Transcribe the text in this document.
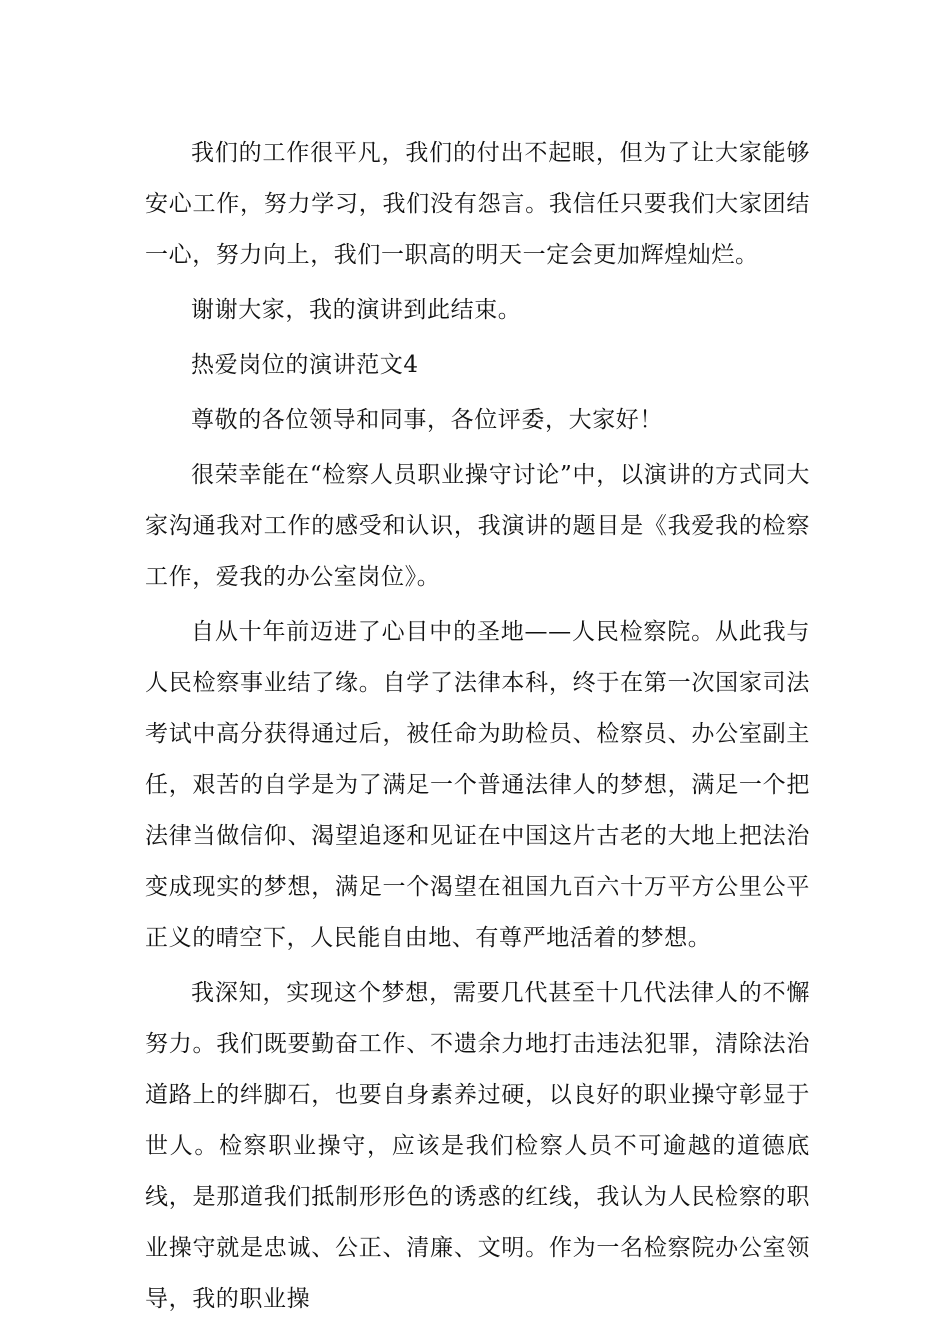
我们的工作很平凡，我们的付出不起眼，但为了让大家能够安心工作，努力学习，我们没有怨言。我信任只要我们大家团结一心，努力向上，我们一职高的明天一定会更加辉煌灿烂。

谢谢大家，我的演讲到此结束。

热爱岗位的演讲范文4

尊敬的各位领导和同事，各位评委，大家好！

很荣幸能在“检察人员职业操守讨论”中，以演讲的方式同大家沟通我对工作的感受和认识，我演讲的题目是《我爱我的检察工作，爱我的办公室岗位》。

自从十年前迈进了心目中的圣地——人民检察院。从此我与人民检察事业结了缘。自学了法律本科，终于在第一次国家司法考试中高分获得通过后，被任命为助检员、检察员、办公室副主任，艰苦的自学是为了满足一个普通法律人的梦想，满足一个把法律当做信仰、渴望追逐和见证在中国这片古老的大地上把法治变成现实的梦想，满足一个渴望在祖国九百六十万平方公里公平正义的晴空下，人民能自由地、有尊严地活着的梦想。

我深知，实现这个梦想，需要几代甚至十几代法律人的不懈努力。我们既要勤奋工作、不遗余力地打击违法犯罪，清除法治道路上的绊脚石，也要自身素养过硬，以良好的职业操守彰显于世人。检察职业操守，应该是我们检察人员不可逾越的道德底线，是那道我们抵制形形色的诱惑的红线，我认为人民检察的职业操守就是忠诚、公正、清廉、文明。作为一名检察院办公室领导，我的职业操
